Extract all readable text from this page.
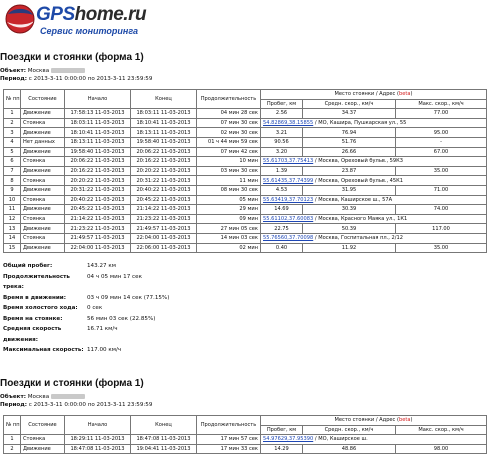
GPShome.ru
Сервис мониторинга
Поездки и стоянки (форма 1)
Объект: Москва
Период: с 2013-3-11 0:00:00 по 2013-3-11 23:59:59
№ пп	Состояние	Начало	Конец	Продолжительность	Место стоянки / Адрес (beta)		
					Пробег, км	Средн. скор., км/ч	Макс. скор., км/ч
1	Движение	17:58:13 11-03-2013	18:03:11 11-03-2013	04 мин 28 сек	2.56	34.37	77.00
2	Стоянка	18:03:11 11-03-2013	18:10:41 11-03-2013	07 мин 30 сек	54.82869,38.15855 / МО, Кашира, Пушкарская ул., 55		
3	Движение	18:10:41 11-03-2013	18:13:11 11-03-2013	02 мин 30 сек	3.21	76.94	95.00
4	Нет данных	18:13:11 11-03-2013	19:58:40 11-03-2013	01 ч 44 мин 59 сек	90.56	51.76	-
5	Движение	19:58:40 11-03-2013	20:06:22 11-03-2013	07 мин 42 сек	3.20	26.66	67.00
6	Стоянка	20:06:22 11-03-2013	20:16:22 11-03-2013	10 мин	55.61703,37.75413 / Москва, Ореховый бульв., 59К3		
7	Движение	20:16:22 11-03-2013	20:20:22 11-03-2013	03 мин 30 сек	1.39	23.87	35.00
8	Стоянка	20:20:22 11-03-2013	20:31:22 11-03-2013	11 мин	55.61435,37.74399 / Москва, Ореховый бульв., 45К1		
9	Движение	20:31:22 11-03-2013	20:40:22 11-03-2013	08 мин 30 сек	4.53	31.95	71.00
10	Стоянка	20:40:22 11-03-2013	20:45:22 11-03-2013	05 мин	55.63419,37.70123 / Москва, Каширское ш., 57А		
11	Движение	20:45:22 11-03-2013	21:14:22 11-03-2013	29 мин	14.69	30.39	74.00
12	Стоянка	21:14:22 11-03-2013	21:23:22 11-03-2013	09 мин	55.61102,37.60083 / Москва, Красного Маяка ул., 1К1		
13	Движение	21:23:22 11-03-2013	21:49:57 11-03-2013	27 мин 05 сек	22.75	50.39	117.00
14	Стоянка	21:49:57 11-03-2013	22:04:00 11-03-2013	14 мин 03 сек	55.76560,37.70098 / Москва, Госпитальная пл., 2/12		
15	Движение	22:04:00 11-03-2013	22:06:00 11-03-2013	02 мин	0.40	11.92	35.00
Общий пробег:	143.27 км
Продолжительность трека:
04 ч 05 мин 17 сек
Время в движении:	03 ч 09 мин 14 сек (77.15%)
Время холостого хода:	0 сек
Время на стоянке:	56 мин 03 сек (22.85%)
Средняя скорость движения:
16.71 км/ч
Максимальная скорость: 117.00 км/ч
Поездки и стоянки (форма 1)
Объект: Москва
Период: с 2013-3-11 0:00:00 по 2013-3-11 23:59:59
№ пп	Состояние	Начало	Конец	Продолжительность	Место стоянки / Адрес (beta)		
					Пробег, км	Средн. скор., км/ч	Макс. скор., км/ч
1	Стоянка	18:29:11 11-03-2013	18:47:08 11-03-2013	17 мин 57 сек	54.97629,37.95390 / МО, Каширское ш.		
2	Движение	18:47:08 11-03-2013	19:04:41 11-03-2013	17 мин 33 сек	14.29	48.86	98.00
